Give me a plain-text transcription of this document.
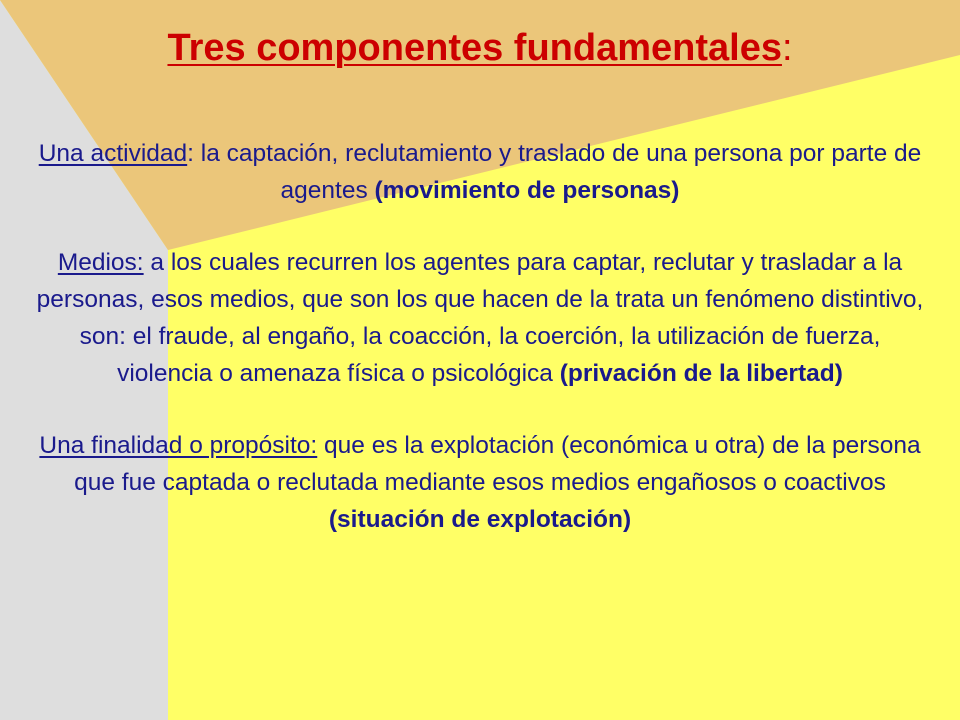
Tres componentes fundamentales:

Una actividad: la captación, reclutamiento y traslado de una persona por parte de agentes (movimiento de personas)

Medios: a los cuales recurren los agentes para captar, reclutar y trasladar a la personas, esos medios, que son los que hacen de la trata un fenómeno distintivo, son: el fraude, al engaño, la coacción, la coerción, la utilización de fuerza, violencia o amenaza física o psicológica (privación de la libertad)

Una finalidad o propósito: que es la explotación (económica u otra) de la persona que fue captada o reclutada mediante esos medios engañosos o coactivos (situación de explotación)
